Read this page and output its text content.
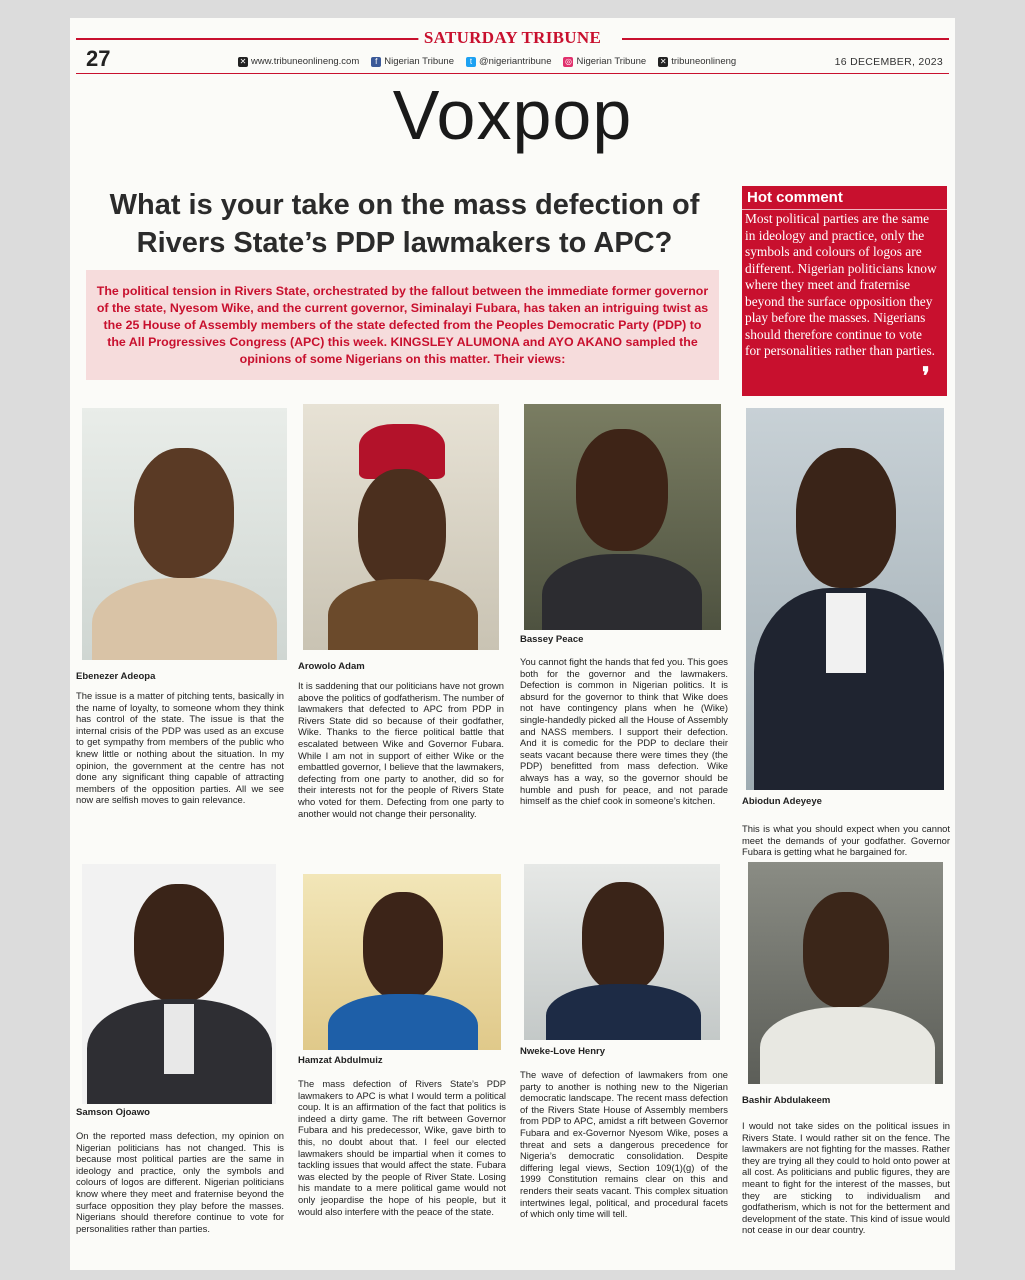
SATURDAY TRIBUNE
27	✕ www.tribuneonlineng.com	f Nigerian Tribune	t @nigeriantribune ◎ Nigerian Tribune ✕ tribuneonlineng	16 DECEMBER, 2023
Voxpop
What is your take on the mass defection of Rivers State’s PDP lawmakers to APC?
The political tension in Rivers State, orchestrated by the fallout between the immediate former governor of the state, Nyesom Wike, and the current governor, Siminalayi Fubara, has taken an intriguing twist as the 25 House of Assembly members of the state defected from the Peoples Democratic Party (PDP) to the All Progressives Congress (APC) this week. KINGSLEY ALUMONA and AYO AKANO sampled the opinions of some Nigerians on this matter. Their views:
Hot comment
Most political parties are the same in ideology and practice, only the symbols and colours of logos are different. Nigerian politicians know where they meet and fraternise beyond the surface opposition they play before the masses. Nigerians should therefore continue to vote for personalities rather than parties.
❜
Ebenezer Adeopa
The issue is a matter of pitching tents, basically in the name of loyalty, to someone whom they think has control of the state. The issue is that the internal crisis of the PDP was used as an excuse to get sympathy from members of the public who knew little or nothing about the situation. In my opinion, the government at the centre has not done any significant thing capable of attracting members of the opposition parties. All we see now are selfish moves to gain relevance.
Arowolo Adam
It is saddening that our politicians have not grown above the politics of godfatherism. The number of lawmakers that defected to APC from PDP in Rivers State did so because of their godfather, Wike. Thanks to the fierce political battle that escalated between Wike and Governor Fubara. While I am not in support of either Wike or the embattled governor, I believe that the lawmakers, defecting from one party to another, did so for their interests not for the people of Rivers State who voted for them. Defecting from one party to another would not change their personality.
Bassey Peace
You cannot fight the hands that fed you. This goes both for the governor and the lawmakers. Defection is common in Nigerian politics. It is absurd for the governor to think that Wike does not have contingency plans when he (Wike) single-handedly picked all the House of Assembly and NASS members. I support their defection. And it is comedic for the PDP to declare their seats vacant because there were times they (the PDP) benefitted from mass defection. Wike always has a way, so the governor should be humble and push for peace, and not parade himself as the chief cook in someone’s kitchen.	Abiodun Adeyeye
This is what you should expect when you cannot meet the demands of your godfather. Governor Fubara is getting what he bargained for.
Samson Ojoawo
On the reported mass defection, my opinion on Nigerian politicians has not changed. This is because most political parties are the same in ideology and practice, only the symbols and colours of logos are different. Nigerian politicians know where they meet and fraternise beyond the surface opposition they play before the masses. Nigerians should therefore continue to vote for personalities rather than parties.
Hamzat Abdulmuiz
The mass defection of Rivers State’s PDP lawmakers to APC is what I would term a political coup. It is an affirmation of the fact that politics is indeed a dirty game. The rift between Governor Fubara and his predecessor, Wike, gave birth to this, no doubt about that. I feel our elected lawmakers should be impartial when it comes to tackling issues that would affect the state. Fubara was elected by the people of River State. Losing his mandate to a mere political game would not only jeopardise the hope of his people, but it would also interfere with the peace of the state.
Nweke-Love Henry
The wave of defection of lawmakers from one party to another is nothing new to the Nigerian democratic landscape. The recent mass defection of the Rivers State House of Assembly members from PDP to APC, amidst a rift between Governor Fubara and ex-Governor Nyesom Wike, poses a threat and sets a dangerous precedence for Nigeria’s democratic consolidation. Despite differing legal views, Section 109(1)(g) of the 1999 Constitution remains clear on this and renders their seats vacant. This complex situation intertwines legal, political, and procedural facets of which only time will tell.
Bashir Abdulakeem
I would not take sides on the political issues in Rivers State. I would rather sit on the fence. The lawmakers are not fighting for the masses. Rather they are trying all they could to hold onto power at all cost. As politicians and public figures, they are meant to fight for the interest of the masses, but they are sticking to individualism and godfatherism, which is not for the betterment and development of the state. This kind of issue would not cease in our dear country.
